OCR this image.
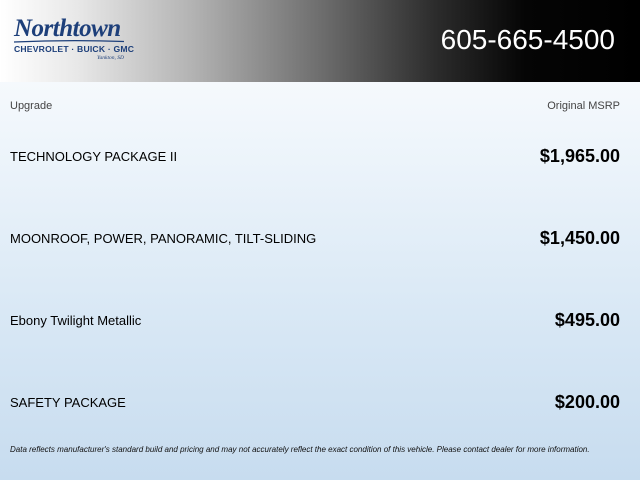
Northtown
CHEVROLET · BUICK · GMC
Yankton, SD
605-665-4500
Upgrade	Original MSRP
TECHNOLOGY PACKAGE II	$1,965.00
MOONROOF, POWER, PANORAMIC, TILT-SLIDING	$1,450.00
Ebony Twilight Metallic	$495.00
SAFETY PACKAGE	$200.00
Data reflects manufacturer's standard build and pricing and may not accurately reflect the exact condition of this vehicle. Please contact dealer for more information.
